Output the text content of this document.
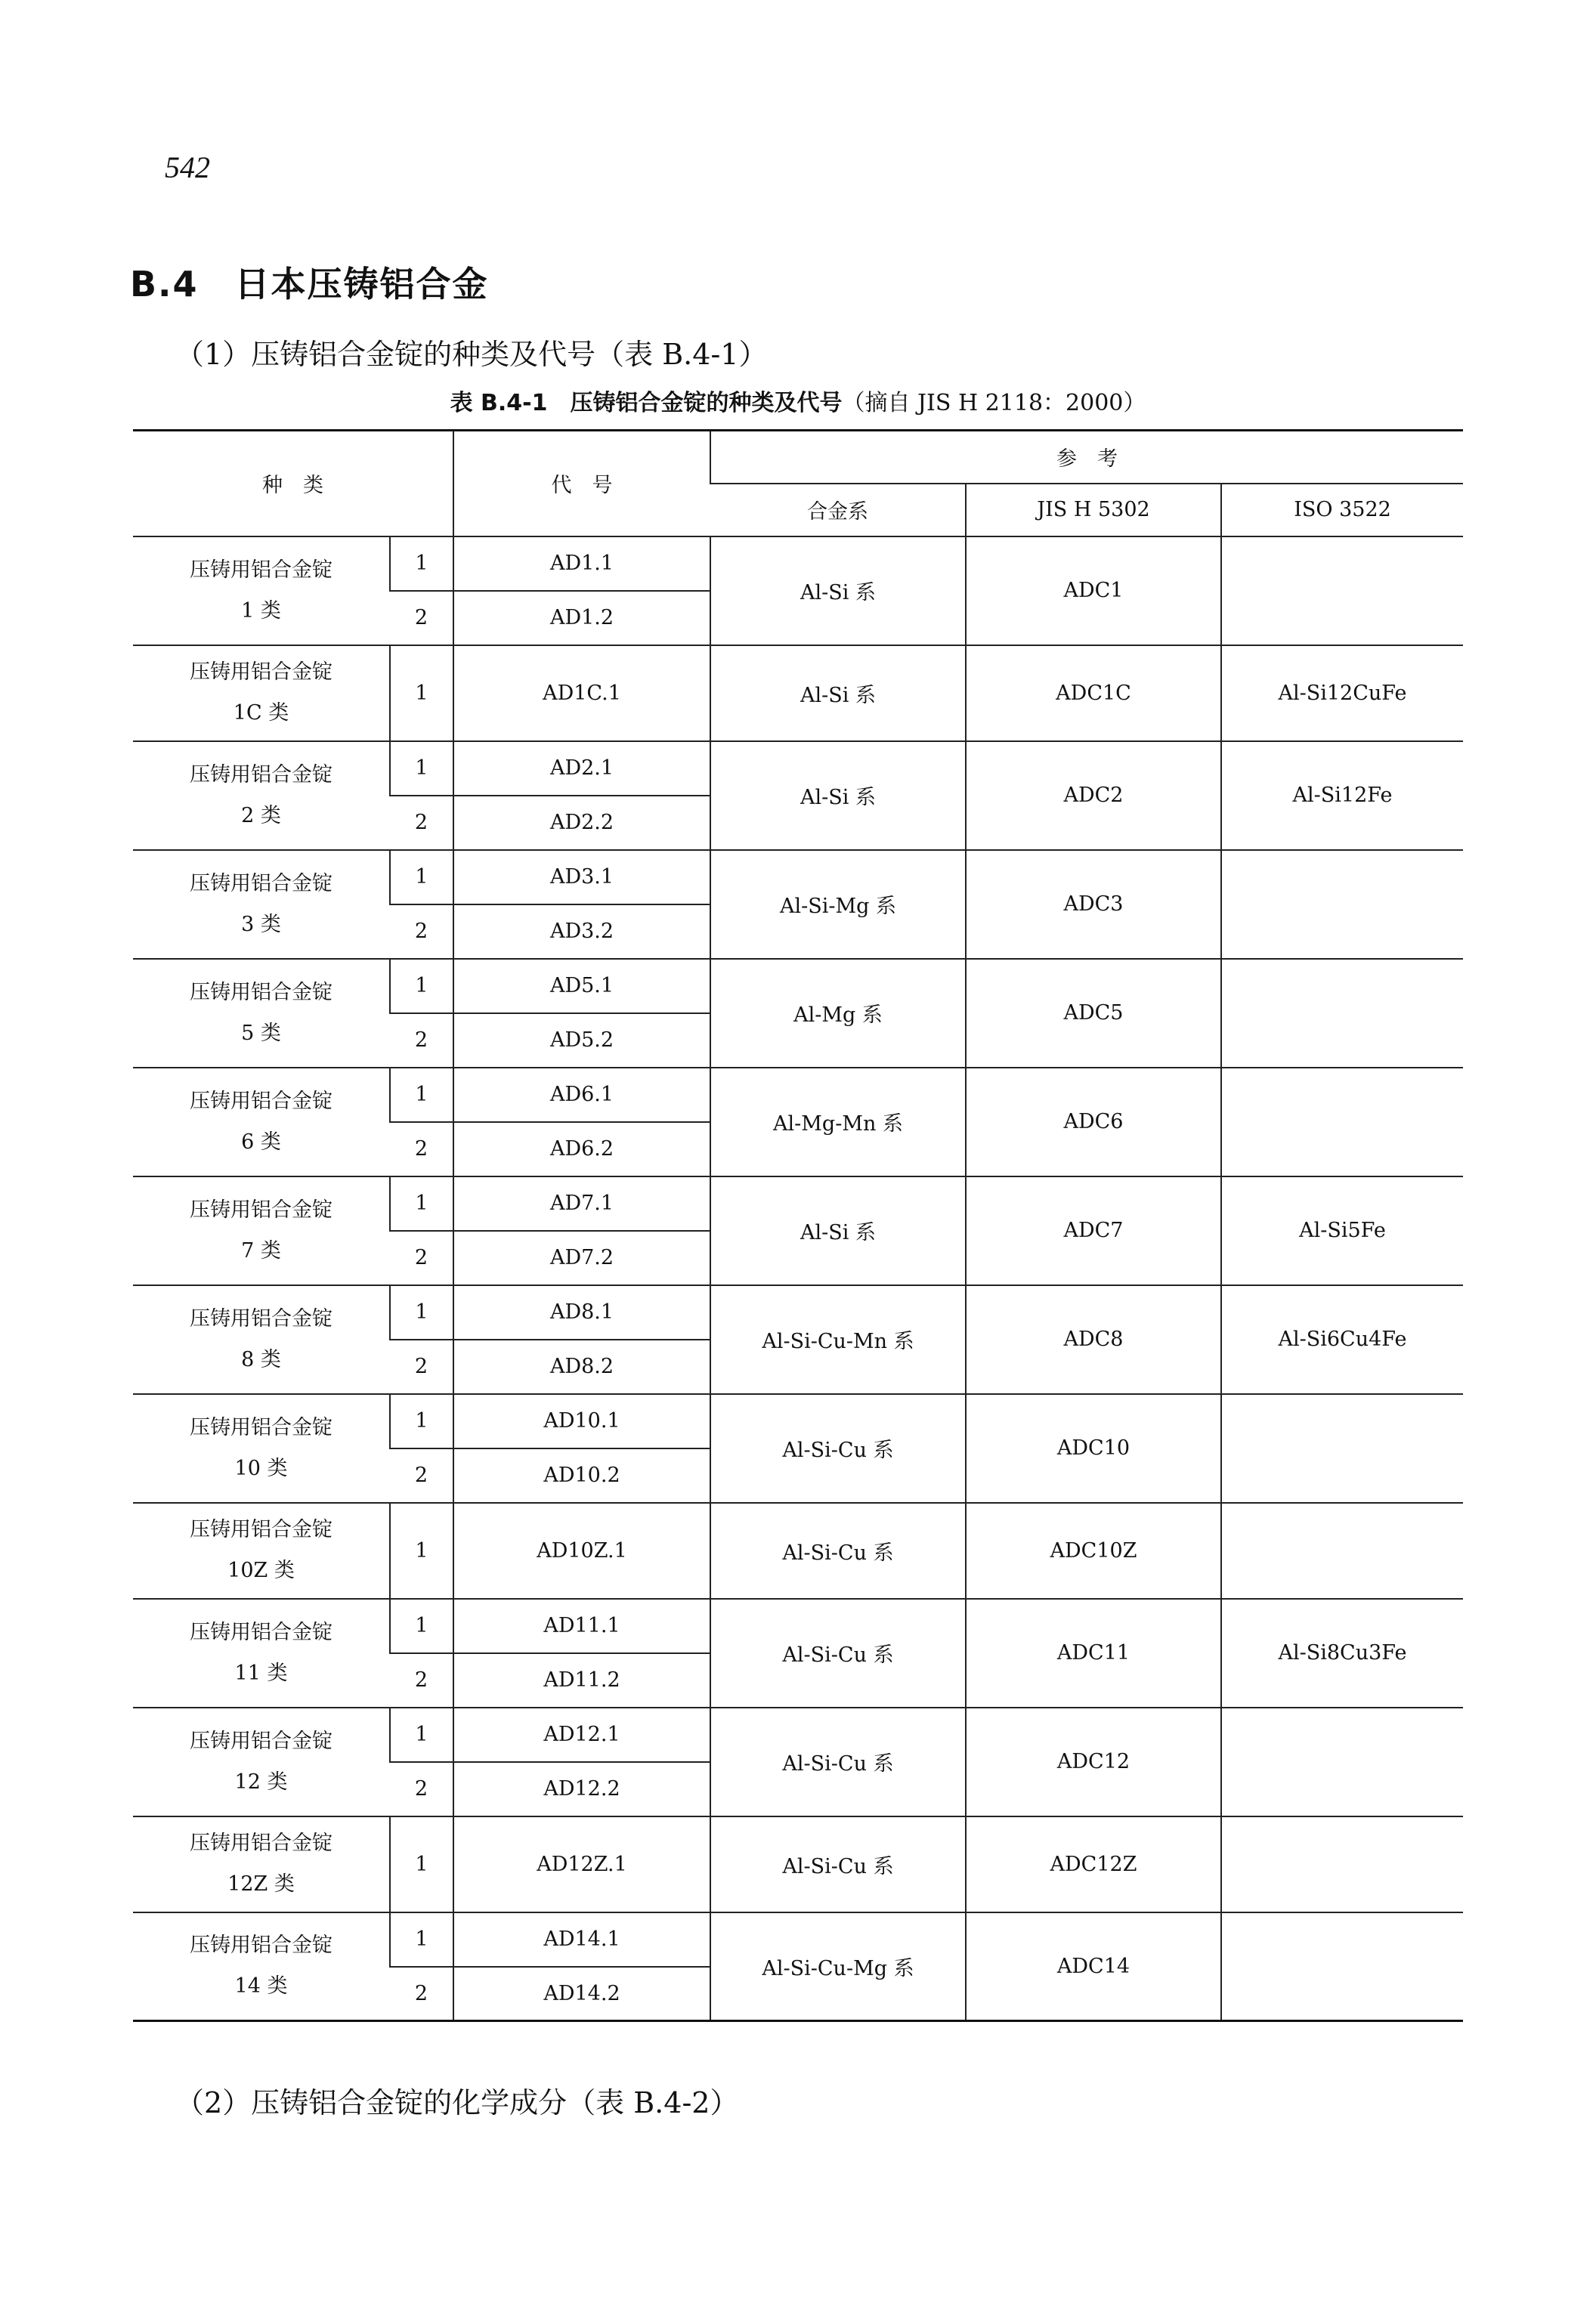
542
B.4 日本压铸铝合金
（1）压铸铝合金锭的种类及代号（表 B.4-1）
表 B.4-1 压铸铝合金锭的种类及代号（摘自 JIS H 2118：2000）
种　类		代　号	参　考		
			合金系	JIS H 5302	ISO 3522

压铸用铝合金锭
1 类	1	AD1.1	Al-Si 系	ADC1	
	2	AD1.2			

压铸用铝合金锭
1C 类	1	AD1C.1	Al-Si 系	ADC1C	Al-Si12CuFe

压铸用铝合金锭
2 类	1	AD2.1	Al-Si 系	ADC2	Al-Si12Fe
	2	AD2.2			

压铸用铝合金锭
3 类	1	AD3.1	Al-Si-Mg 系	ADC3	
	2	AD3.2			

压铸用铝合金锭
5 类	1	AD5.1	Al-Mg 系	ADC5	
	2	AD5.2			

压铸用铝合金锭
6 类	1	AD6.1	Al-Mg-Mn 系	ADC6	
	2	AD6.2			

压铸用铝合金锭
7 类	1	AD7.1	Al-Si 系	ADC7	Al-Si5Fe
	2	AD7.2			

压铸用铝合金锭
8 类	1	AD8.1	Al-Si-Cu-Mn 系	ADC8	Al-Si6Cu4Fe
	2	AD8.2			

压铸用铝合金锭
10 类	1	AD10.1	Al-Si-Cu 系	ADC10	
	2	AD10.2			

压铸用铝合金锭
10Z 类	1	AD10Z.1	Al-Si-Cu 系	ADC10Z	

压铸用铝合金锭
11 类	1	AD11.1	Al-Si-Cu 系	ADC11	Al-Si8Cu3Fe
	2	AD11.2			

压铸用铝合金锭
12 类	1	AD12.1	Al-Si-Cu 系	ADC12	
	2	AD12.2			

压铸用铝合金锭
12Z 类	1	AD12Z.1	Al-Si-Cu 系	ADC12Z	

压铸用铝合金锭
14 类	1	AD14.1	Al-Si-Cu-Mg 系	ADC14	
	2	AD14.2			
（2）压铸铝合金锭的化学成分（表 B.4-2）
